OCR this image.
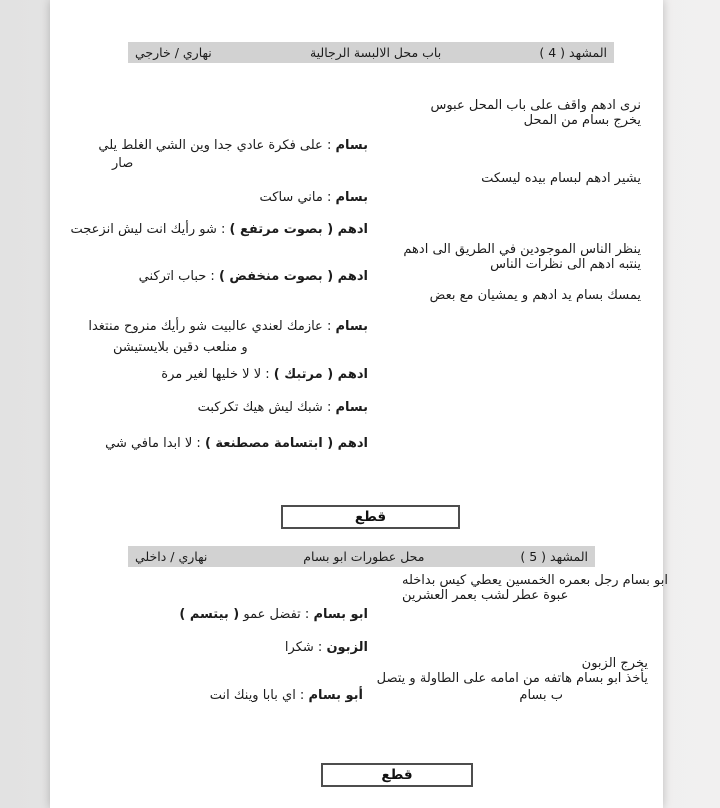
المشهد ( 4 )
باب محل الالبسة الرجالية
نهاري / خارجي
قطع
المشهد ( 5 )
محل عطورات ابو بسام
نهاري / داخلي
قطع
نرى ادهم واقف على باب المحل عبوس
يخرج بسام من المحل
بسام : على فكرة عادي جدا وين الشي الغلط يلي
صار
يشير ادهم لبسام بيده ليسكت
بسام : ماني ساكت
ادهم ( بصوت مرتفع ) : شو رأيك انت ليش انزعجت
ينظر الناس الموجودين في الطريق الى ادهم
ينتبه ادهم الى نظرات الناس
ادهم ( بصوت منخفض ) : حباب اتركني
يمسك بسام يد ادهم و يمشيان مع بعض
بسام : عازمك لعندي عالبيت شو رأيك منروح منتغدا
و منلعب دقين بلايستيشن
ادهم ( مرتبك ) : لا لا خليها لغير مرة
بسام : شبك ليش هيك تكركبت
ادهم ( ابتسامة مصطنعة ) : لا ابدا مافي شي
ابو بسام رجل بعمره الخمسين يعطي كيس بداخله
عبوة عطر لشب بعمر العشرين
ابو بسام : تفضل عمو ( بيتسم )
الزبون : شكرا
يخرج الزبون
يأخذ ابو بسام هاتفه من امامه على الطاولة و يتصل
ب بسام
أبو بسام : اي بابا وينك انت
